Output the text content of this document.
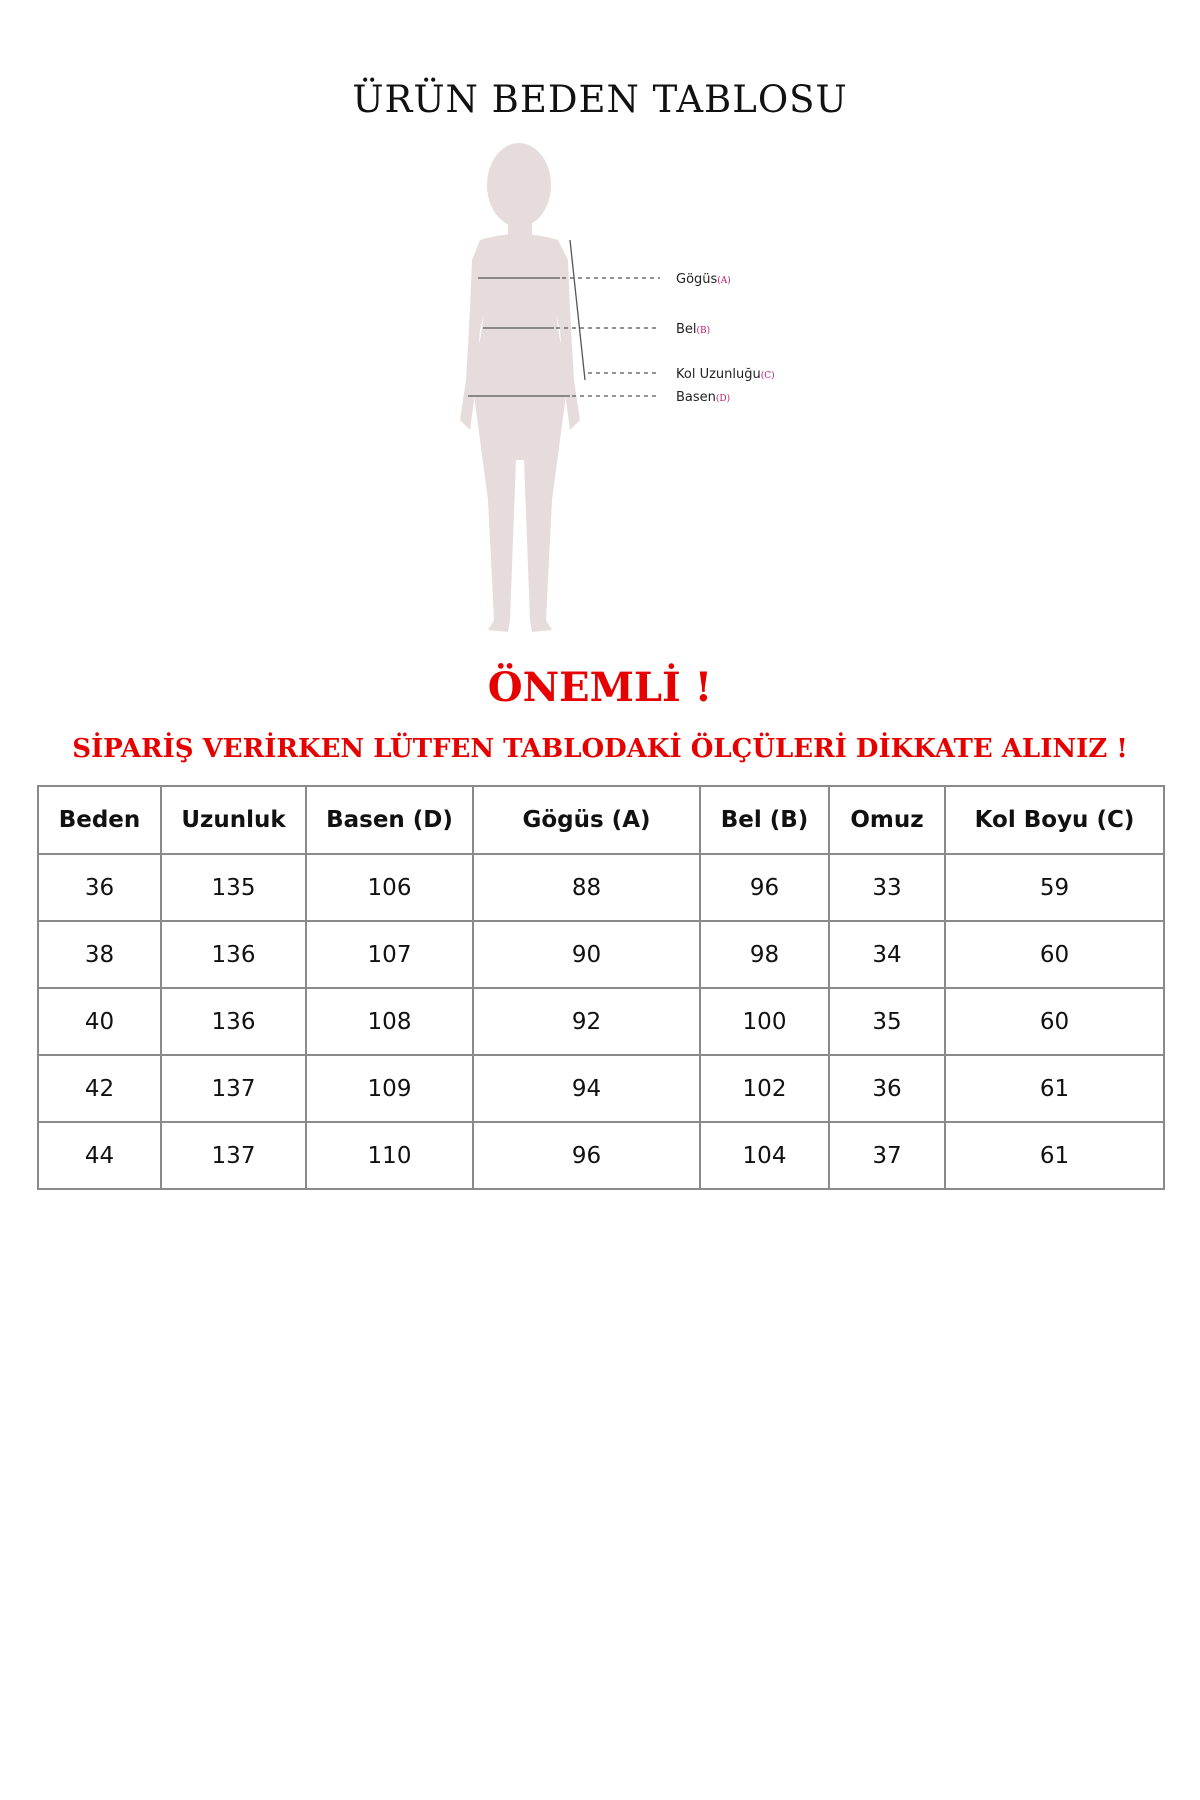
ÜRÜN BEDEN TABLOSU
Gögüs(A)
Bel(B)
Kol Uzunluğu(C)
Basen(D)
ÖNEMLİ !
SİPARİŞ VERİRKEN LÜTFEN TABLODAKİ ÖLÇÜLERİ DİKKATE ALINIZ !
Beden	Uzunluk	Basen (D)	Gögüs (A)	Bel (B)	Omuz	Kol Boyu (C)
36	135	106	88	96	33	59
38	136	107	90	98	34	60
40	136	108	92	100	35	60
42	137	109	94	102	36	61
44	137	110	96	104	37	61
